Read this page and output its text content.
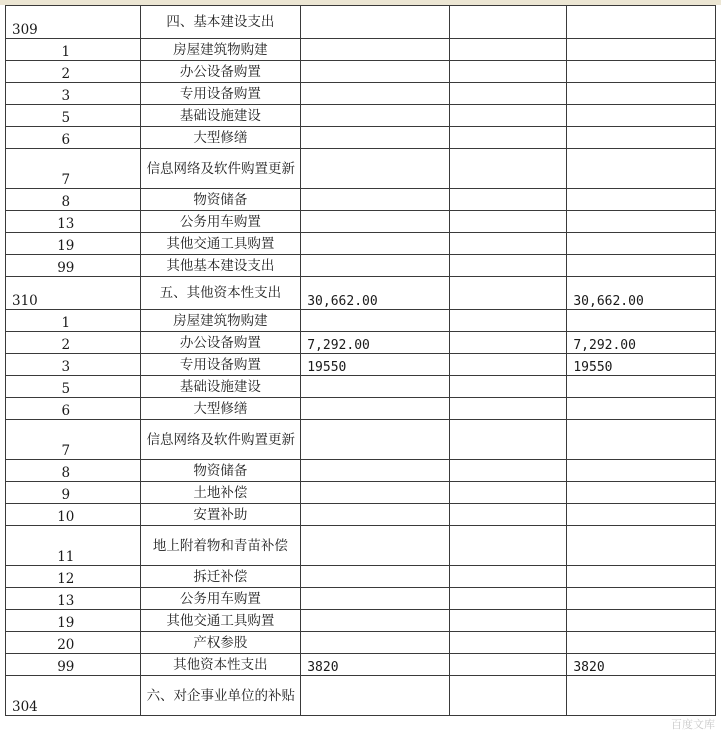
309	四、基本建设支出			
1	房屋建筑物购建			
2	办公设备购置			
3	专用设备购置			
5	基础设施建设			
6	大型修缮			
7	信息网络及软件购置更新			
8	物资储备			
13	公务用车购置			
19	其他交通工具购置			
99	其他基本建设支出			
310	五、其他资本性支出	30,662.00		30,662.00
1	房屋建筑物购建			
2	办公设备购置	7,292.00		7,292.00
3	专用设备购置	19550		19550
5	基础设施建设			
6	大型修缮			
7	信息网络及软件购置更新			
8	物资储备			
9	土地补偿			
10	安置补助			
11	地上附着物和青苗补偿			
12	拆迁补偿			
13	公务用车购置			
19	其他交通工具购置			
20	产权参股			
99	其他资本性支出	3820		3820
304	六、对企事业单位的补贴			
百度文库
